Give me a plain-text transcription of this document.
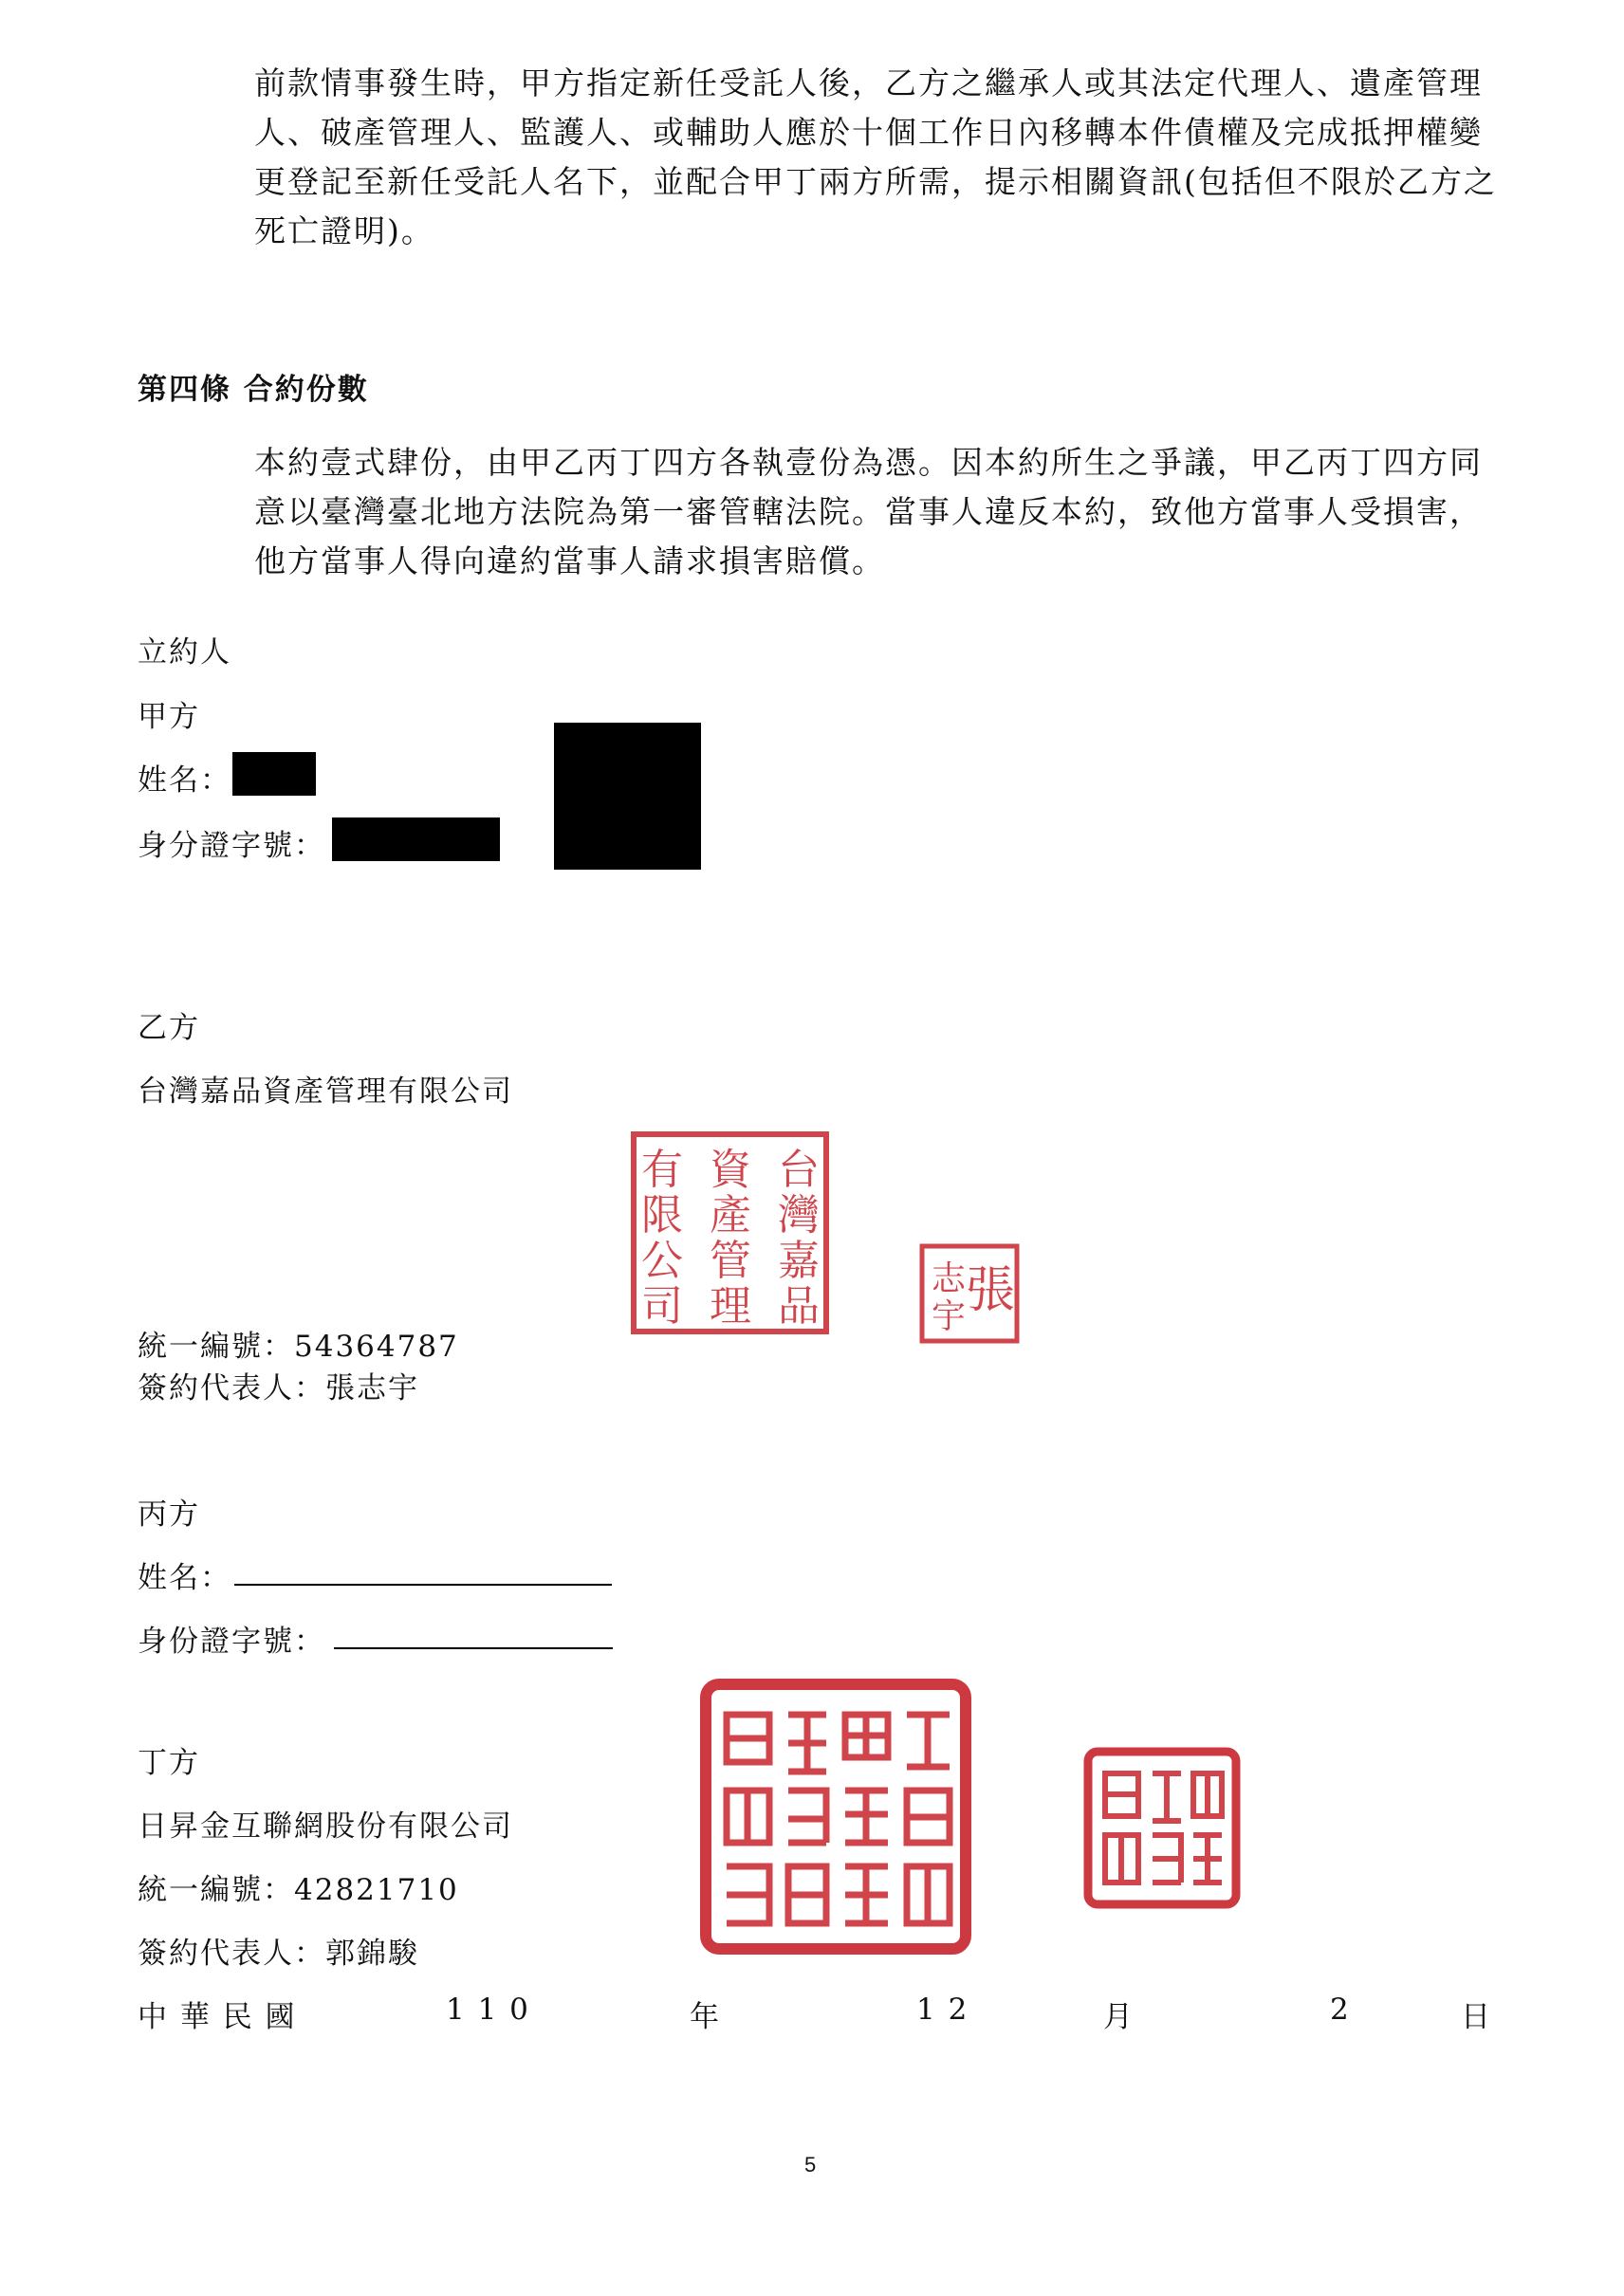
前款情事發生時，甲方指定新任受託人後，乙方之繼承人或其法定代理人、遺產管理人、破產管理人、監護人、或輔助人應於十個工作日內移轉本件債權及完成抵押權變更登記至新任受託人名下，並配合甲丁兩方所需，提示相關資訊(包括但不限於乙方之死亡證明)。
第四條 合約份數
本約壹式肆份，由甲乙丙丁四方各執壹份為憑。因本約所生之爭議，甲乙丙丁四方同意以臺灣臺北地方法院為第一審管轄法院。當事人違反本約，致他方當事人受損害，他方當事人得向違約當事人請求損害賠償。
立約人
甲方
姓名：
身分證字號：
乙方
台灣嘉品資產管理有限公司
台
灣
嘉
品
資
產
管
理
有
限
公
司	張
志
宇
統一編號：54364787
簽約代表人：張志宇
丙方
姓名：
身份證字號：
丁方
日昇金互聯網股份有限公司
統一編號：42821710
簽約代表人：郭錦駿
中 華 民 國	1 1 0	年	1 2	月	2	日
5
